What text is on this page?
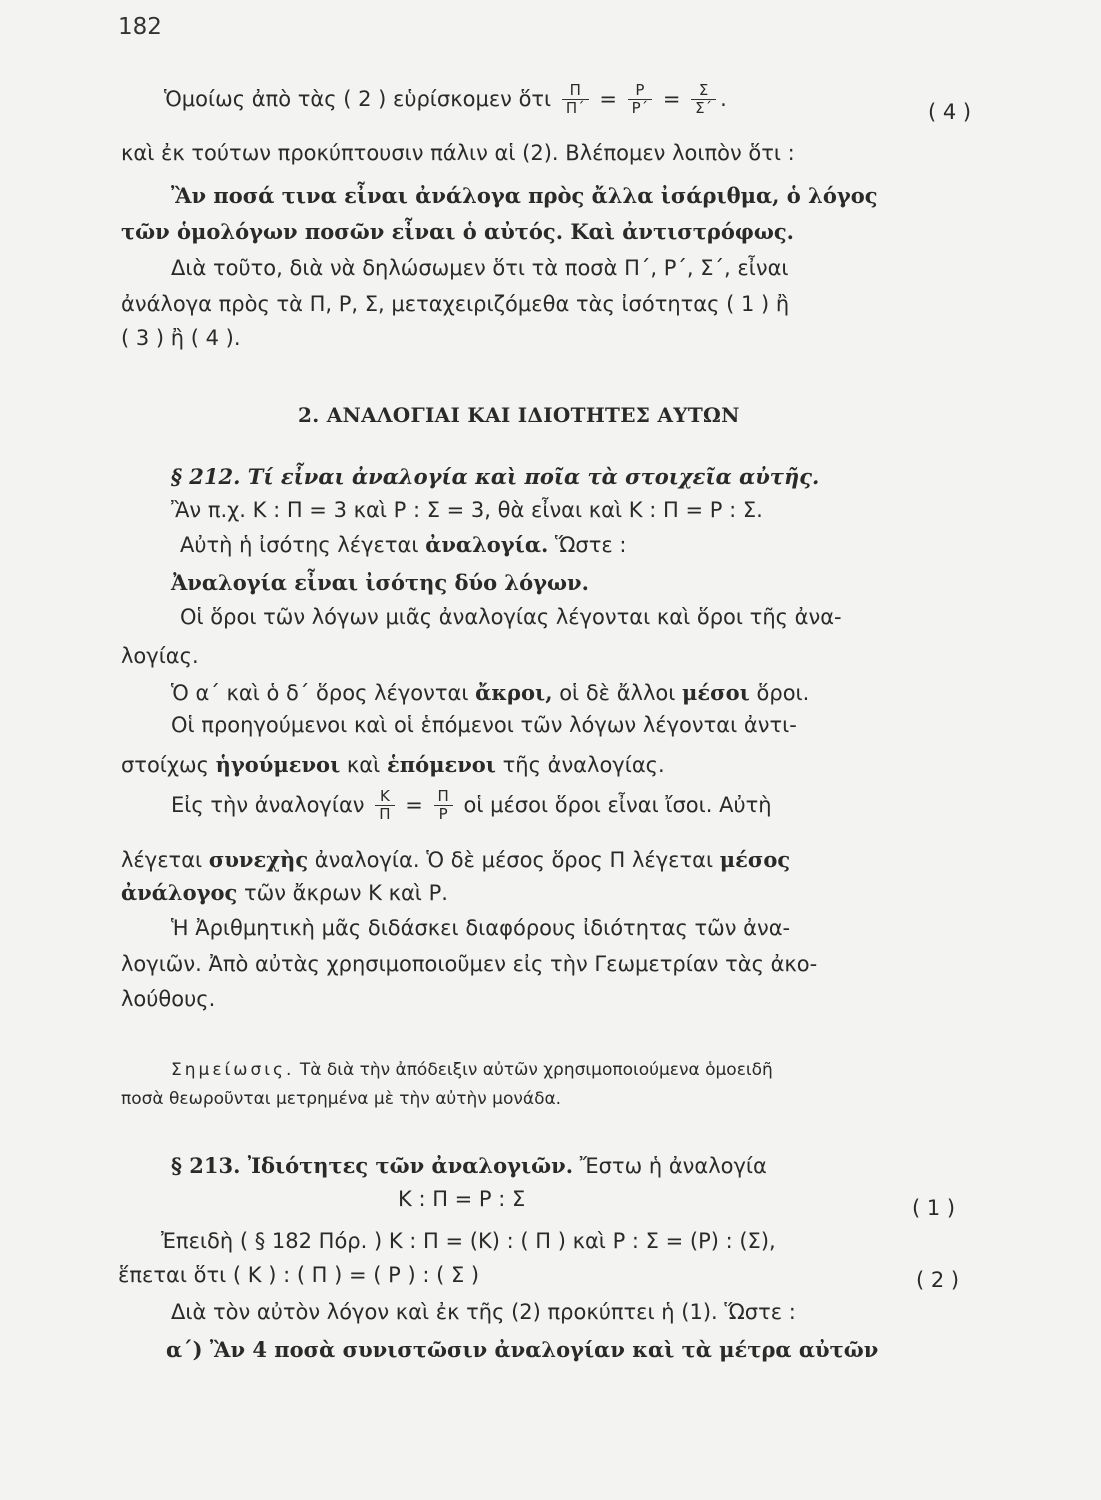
182
Ὁμοίως ἀπὸ τὰς ( 2 ) εὑρίσκομεν ὅτι $\frac{\Pi}{\Pi΄} = \frac{P}{P΄} = \frac{\Sigma}{\Sigma΄}$ .
( 4 )
καὶ ἐκ τούτων προκύπτουσιν πάλιν αἱ (2). Βλέπομεν λοιπὸν ὅτι :
Ἂν ποσά τινα εἶναι ἀνάλογα πρὸς ἄλλα ἰσάριθμα, ὁ λόγος
τῶν ὁμολόγων ποσῶν εἶναι ὁ αὐτός. Καὶ ἀντιστρόφως.
Διὰ τοῦτο, διὰ νὰ δηλώσωμεν ὅτι τὰ ποσὰ Π΄, Ρ΄, Σ΄, εἶναι
ἀνάλογα πρὸς τὰ Π, Ρ, Σ, μεταχειριζόμεθα τὰς ἰσότητας ( 1 ) ἢ
( 3 ) ἢ ( 4 ).
2. ΑΝΑΛΟΓΙΑΙ ΚΑΙ ΙΔΙΟΤΗΤΕΣ ΑΥΤΩΝ
§ 212. Τί εἶναι ἀναλογία καὶ ποῖα τὰ στοιχεῖα αὐτῆς.
Ἂν π.χ. Κ : Π = 3 καὶ Ρ : Σ = 3, θὰ εἶναι καὶ Κ : Π = Ρ : Σ.
Αὐτὴ ἡ ἰσότης λέγεται ἀναλογία. Ὥστε :
Ἀναλογία εἶναι ἰσότης δύο λόγων.
Οἱ ὅροι τῶν λόγων μιᾶς ἀναλογίας λέγονται καὶ ὅροι τῆς ἀνα-
λογίας.
Ὁ α΄ καὶ ὁ δ΄ ὅρος λέγονται ἄκροι, οἱ δὲ ἄλλοι μέσοι ὅροι.
Οἱ προηγούμενοι καὶ οἱ ἑπόμενοι τῶν λόγων λέγονται ἀντι-
στοίχως ἡγούμενοι καὶ ἑπόμενοι τῆς ἀναλογίας.
Εἰς τὴν ἀναλογίαν $\frac{K}{\Pi} = \frac{\Pi}{P}$ οἱ μέσοι ὅροι εἶναι ἴσοι. Αὐτὴ
λέγεται συνεχὴς ἀναλογία. Ὁ δὲ μέσος ὅρος Π λέγεται μέσος
ἀνάλογος τῶν ἄκρων Κ καὶ Ρ.
Ἡ Ἀριθμητικὴ μᾶς διδάσκει διαφόρους ἰδιότητας τῶν ἀνα-
λογιῶν. Ἀπὸ αὐτὰς χρησιμοποιοῦμεν εἰς τὴν Γεωμετρίαν τὰς ἀκο-
λούθους.
Σημείωσις. Τὰ διὰ τὴν ἀπόδειξιν αὐτῶν χρησιμοποιούμενα ὁμοειδῆ
ποσὰ θεωροῦνται μετρημένα μὲ τὴν αὐτὴν μονάδα.
§ 213. Ἰδιότητες τῶν ἀναλογιῶν. Ἔστω ἡ ἀναλογία
Κ : Π = Ρ : Σ	( 1 )
Ἐπειδὴ ( § 182 Πόρ. ) Κ : Π = (Κ) : ( Π ) καὶ Ρ : Σ = (Ρ) : (Σ),
ἕπεται ὅτι ( Κ ) : ( Π ) = ( Ρ ) : ( Σ )	( 2 )
Διὰ τὸν αὐτὸν λόγον καὶ ἐκ τῆς (2) προκύπτει ἡ (1). Ὥστε :
α΄) Ἂν 4 ποσὰ συνιστῶσιν ἀναλογίαν καὶ τὰ μέτρα αὐτῶν
